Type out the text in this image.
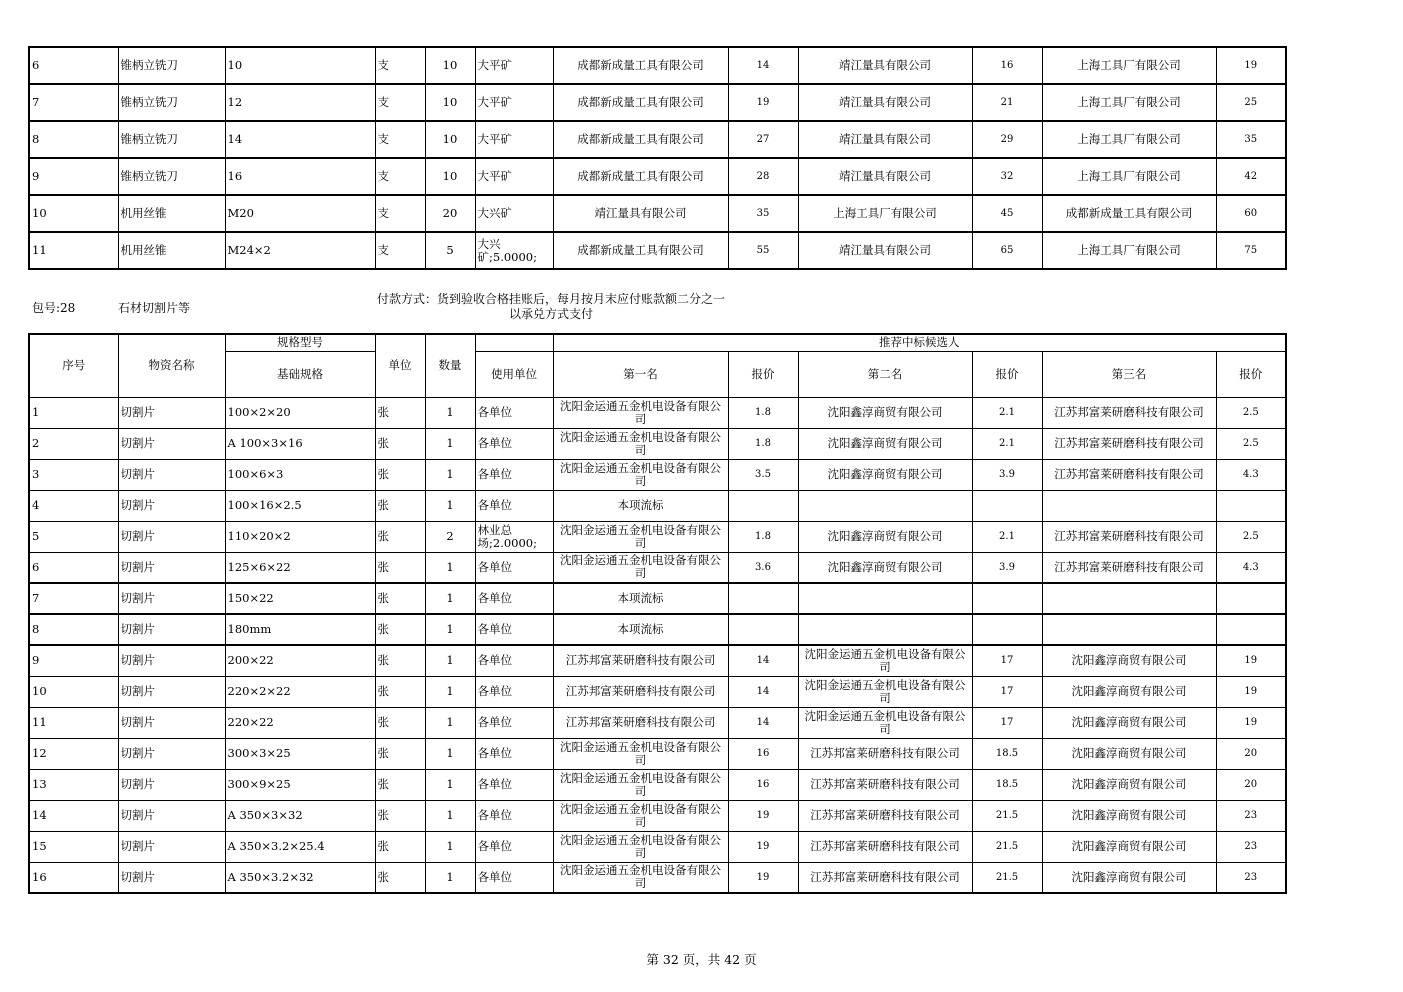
6	锥柄立铣刀	10	支	10	大平矿	成都新成量工具有限公司	14	靖江量具有限公司	16	上海工具厂有限公司	19
7	锥柄立铣刀	12	支	10	大平矿	成都新成量工具有限公司	19	靖江量具有限公司	21	上海工具厂有限公司	25
8	锥柄立铣刀	14	支	10	大平矿	成都新成量工具有限公司	27	靖江量具有限公司	29	上海工具厂有限公司	35
9	锥柄立铣刀	16	支	10	大平矿	成都新成量工具有限公司	28	靖江量具有限公司	32	上海工具厂有限公司	42
10	机用丝锥	M20	支	20	大兴矿	靖江量具有限公司	35	上海工具厂有限公司	45	成都新成量工具有限公司	60
11	机用丝锥	M24×2	支	5	大兴矿;5.0000;	成都新成量工具有限公司	55	靖江量具有限公司	65	上海工具厂有限公司	75
包号:28	石材切割片等
付款方式：货到验收合格挂账后，每月按月末应付账款额二分之一以承兑方式支付
序号	物资名称	规格型号	单位	数量		推荐中标候选人					
		基础规格			使用单位	第一名	报价	第二名	报价	第三名	报价
1	切割片	100×2×20	张	1	各单位	沈阳金运通五金机电设备有限公司	1.8	沈阳鑫淳商贸有限公司	2.1	江苏邦富莱研磨科技有限公司	2.5
2	切割片	A 100×3×16	张	1	各单位	沈阳金运通五金机电设备有限公司	1.8	沈阳鑫淳商贸有限公司	2.1	江苏邦富莱研磨科技有限公司	2.5
3	切割片	100×6×3	张	1	各单位	沈阳金运通五金机电设备有限公司	3.5	沈阳鑫淳商贸有限公司	3.9	江苏邦富莱研磨科技有限公司	4.3
4	切割片	100×16×2.5	张	1	各单位	本项流标					
5	切割片	110×20×2	张	2	林业总场;2.0000;	沈阳金运通五金机电设备有限公司	1.8	沈阳鑫淳商贸有限公司	2.1	江苏邦富莱研磨科技有限公司	2.5
6	切割片	125×6×22	张	1	各单位	沈阳金运通五金机电设备有限公司	3.6	沈阳鑫淳商贸有限公司	3.9	江苏邦富莱研磨科技有限公司	4.3
7	切割片	150×22	张	1	各单位	本项流标					
8	切割片	180mm	张	1	各单位	本项流标					
9	切割片	200×22	张	1	各单位	江苏邦富莱研磨科技有限公司	14	沈阳金运通五金机电设备有限公司	17	沈阳鑫淳商贸有限公司	19
10	切割片	220×2×22	张	1	各单位	江苏邦富莱研磨科技有限公司	14	沈阳金运通五金机电设备有限公司	17	沈阳鑫淳商贸有限公司	19
11	切割片	220×22	张	1	各单位	江苏邦富莱研磨科技有限公司	14	沈阳金运通五金机电设备有限公司	17	沈阳鑫淳商贸有限公司	19
12	切割片	300×3×25	张	1	各单位	沈阳金运通五金机电设备有限公司	16	江苏邦富莱研磨科技有限公司	18.5	沈阳鑫淳商贸有限公司	20
13	切割片	300×9×25	张	1	各单位	沈阳金运通五金机电设备有限公司	16	江苏邦富莱研磨科技有限公司	18.5	沈阳鑫淳商贸有限公司	20
14	切割片	A 350×3×32	张	1	各单位	沈阳金运通五金机电设备有限公司	19	江苏邦富莱研磨科技有限公司	21.5	沈阳鑫淳商贸有限公司	23
15	切割片	A 350×3.2×25.4	张	1	各单位	沈阳金运通五金机电设备有限公司	19	江苏邦富莱研磨科技有限公司	21.5	沈阳鑫淳商贸有限公司	23
16	切割片	A 350×3.2×32	张	1	各单位	沈阳金运通五金机电设备有限公司	19	江苏邦富莱研磨科技有限公司	21.5	沈阳鑫淳商贸有限公司	23
第 32 页，共 42 页
